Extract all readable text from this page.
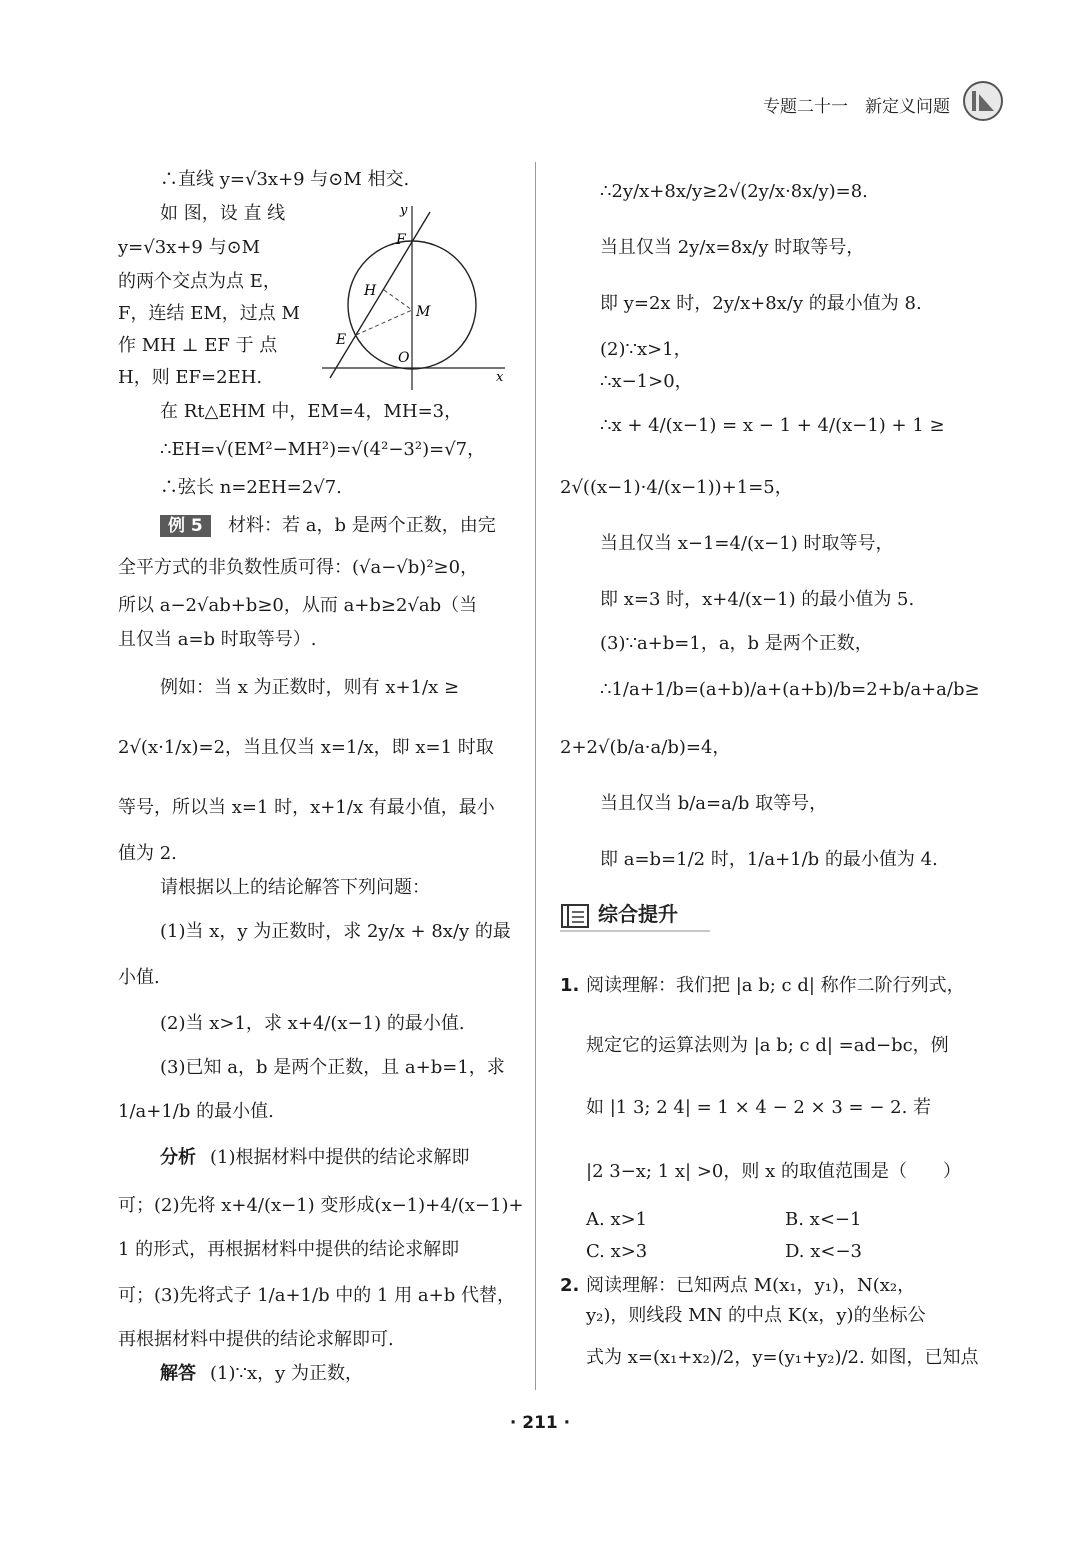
专题二十一　新定义问题
∴直线 y=√3x+9 与⊙M 相交.
如 图，设 直 线
y=√3x+9 与⊙M
的两个交点为点 E，
F，连结 EM，过点 M
作 MH ⊥ EF 于 点
H，则 EF=2EH.
y
x
F
H
M
E
O
在 Rt△EHM 中，EM=4，MH=3，
∴EH=√(EM²−MH²)=√(4²−3²)=√7，
∴弦长 n=2EH=2√7.
例 5	材料：若 a，b 是两个正数，由完
全平方式的非负数性质可得：(√a−√b)²≥0，
所以 a−2√ab+b≥0，从而 a+b≥2√ab（当
且仅当 a=b 时取等号）.
例如：当 x 为正数时，则有 x+1/x ≥
2√(x·1/x)=2，当且仅当 x=1/x，即 x=1 时取
等号，所以当 x=1 时，x+1/x 有最小值，最小
值为 2.
请根据以上的结论解答下列问题：
(1)当 x，y 为正数时，求 2y/x + 8x/y 的最
小值.
(2)当 x>1，求 x+4/(x−1) 的最小值.
(3)已知 a，b 是两个正数，且 a+b=1，求
1/a+1/b 的最小值.
分析 (1)根据材料中提供的结论求解即
可；(2)先将 x+4/(x−1) 变形成(x−1)+4/(x−1)+
1 的形式，再根据材料中提供的结论求解即
可；(3)先将式子 1/a+1/b 中的 1 用 a+b 代替，
再根据材料中提供的结论求解即可.
解答 (1)∵x，y 为正数，
∴2y/x+8x/y≥2√(2y/x·8x/y)=8.
当且仅当 2y/x=8x/y 时取等号，
即 y=2x 时，2y/x+8x/y 的最小值为 8.
(2)∵x>1，
∴x−1>0，
∴x + 4/(x−1) = x − 1 + 4/(x−1) + 1 ≥
2√((x−1)·4/(x−1))+1=5，
当且仅当 x−1=4/(x−1) 时取等号，
即 x=3 时，x+4/(x−1) 的最小值为 5.
(3)∵a+b=1，a，b 是两个正数，
∴1/a+1/b=(a+b)/a+(a+b)/b=2+b/a+a/b≥
2+2√(b/a·a/b)=4，
当且仅当 b/a=a/b 取等号，
即 a=b=1/2 时，1/a+1/b 的最小值为 4.
综合提升
1. 阅读理解：我们把 |a b; c d| 称作二阶行列式，
规定它的运算法则为 |a b; c d| =ad−bc，例
如 |1 3; 2 4| = 1 × 4 − 2 × 3 = − 2. 若
|2 3−x; 1 x| >0，则 x 的取值范围是（　　）
A. x>1	B. x<−1
C. x>3	D. x<−3
2. 阅读理解：已知两点 M(x₁，y₁)，N(x₂，
y₂)，则线段 MN 的中点 K(x，y)的坐标公
式为 x=(x₁+x₂)/2，y=(y₁+y₂)/2. 如图，已知点
· 211 ·
